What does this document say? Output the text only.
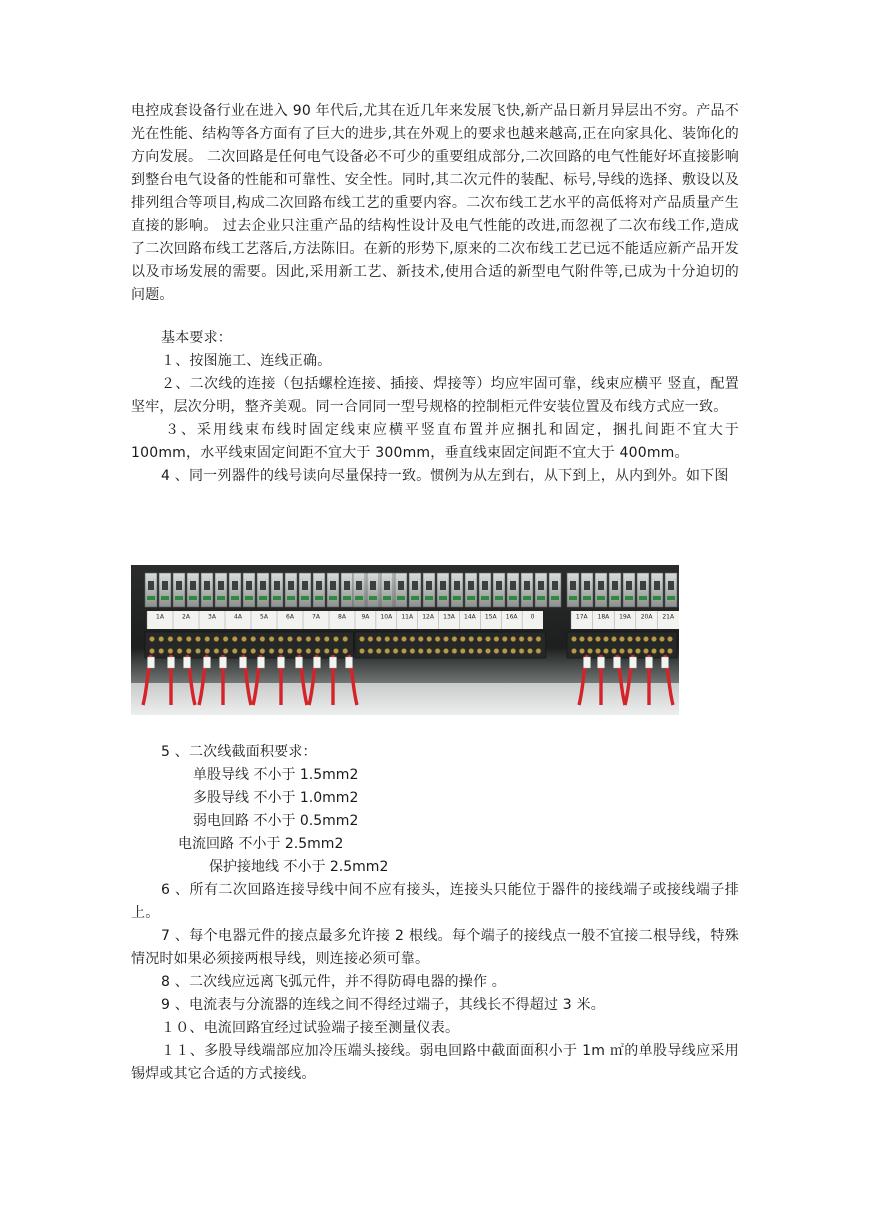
电控成套设备行业在进入 90 年代后,尤其在近几年来发展飞快,新产品日新月异层出不穷。产品不光在性能、结构等各方面有了巨大的进步,其在外观上的要求也越来越高,正在向家具化、装饰化的方向发展。 二次回路是任何电气设备必不可少的重要组成部分,二次回路的电气性能好坏直接影响到整台电气设备的性能和可靠性、安全性。同时,其二次元件的装配、标号,导线的选择、敷设以及排列组合等项目,构成二次回路布线工艺的重要内容。二次布线工艺水平的高低将对产品质量产生直接的影响。 过去企业只注重产品的结构性设计及电气性能的改进,而忽视了二次布线工作,造成了二次回路布线工艺落后,方法陈旧。在新的形势下,原来的二次布线工艺已远不能适应新产品开发以及市场发展的需要。因此,采用新工艺、新技术,使用合适的新型电气附件等,已成为十分迫切的问题。

基本要求：

１、按图施工、连线正确。

２、二次线的连接（包括螺栓连接、插接、焊接等）均应牢固可靠，线束应横平 竖直，配置坚牢，层次分明，整齐美观。同一合同同一型号规格的控制柜元件安装位置及布线方式应一致。

３、采用线束布线时固定线束应横平竖直布置并应捆扎和固定，捆扎间距不宜大于 100mm，水平线束固定间距不宜大于 300mm，垂直线束固定间距不宜大于 400mm。

4 、同一列器件的线号读向尽量保持一致。惯例为从左到右，从下到上，从内到外。如下图

1A	2A	3A	4A	5A	6A	7A	8A	9A 10A 11A 12A 13A 14A 15A 16A 0	17A 18A 19A 20A 21A

5 、二次线截面积要求：

单股导线 不小于 1.5mm2

多股导线 不小于 1.0mm2

弱电回路 不小于 0.5mm2

电流回路 不小于 2.5mm2

保护接地线 不小于 2.5mm2

6 、所有二次回路连接导线中间不应有接头，连接头只能位于器件的接线端子或接线端子排上。

7 、每个电器元件的接点最多允许接 2 根线。每个端子的接线点一般不宜接二根导线，特殊情况时如果必须接两根导线，则连接必须可靠。

8 、二次线应远离飞弧元件，并不得防碍电器的操作 。

9 、电流表与分流器的连线之间不得经过端子，其线长不得超过 3 米。

１０、电流回路宜经过试验端子接至测量仪表。

１１、多股导线端部应加冷压端头接线。弱电回路中截面面积小于 1m ㎡的单股导线应采用锡焊或其它合适的方式接线。
